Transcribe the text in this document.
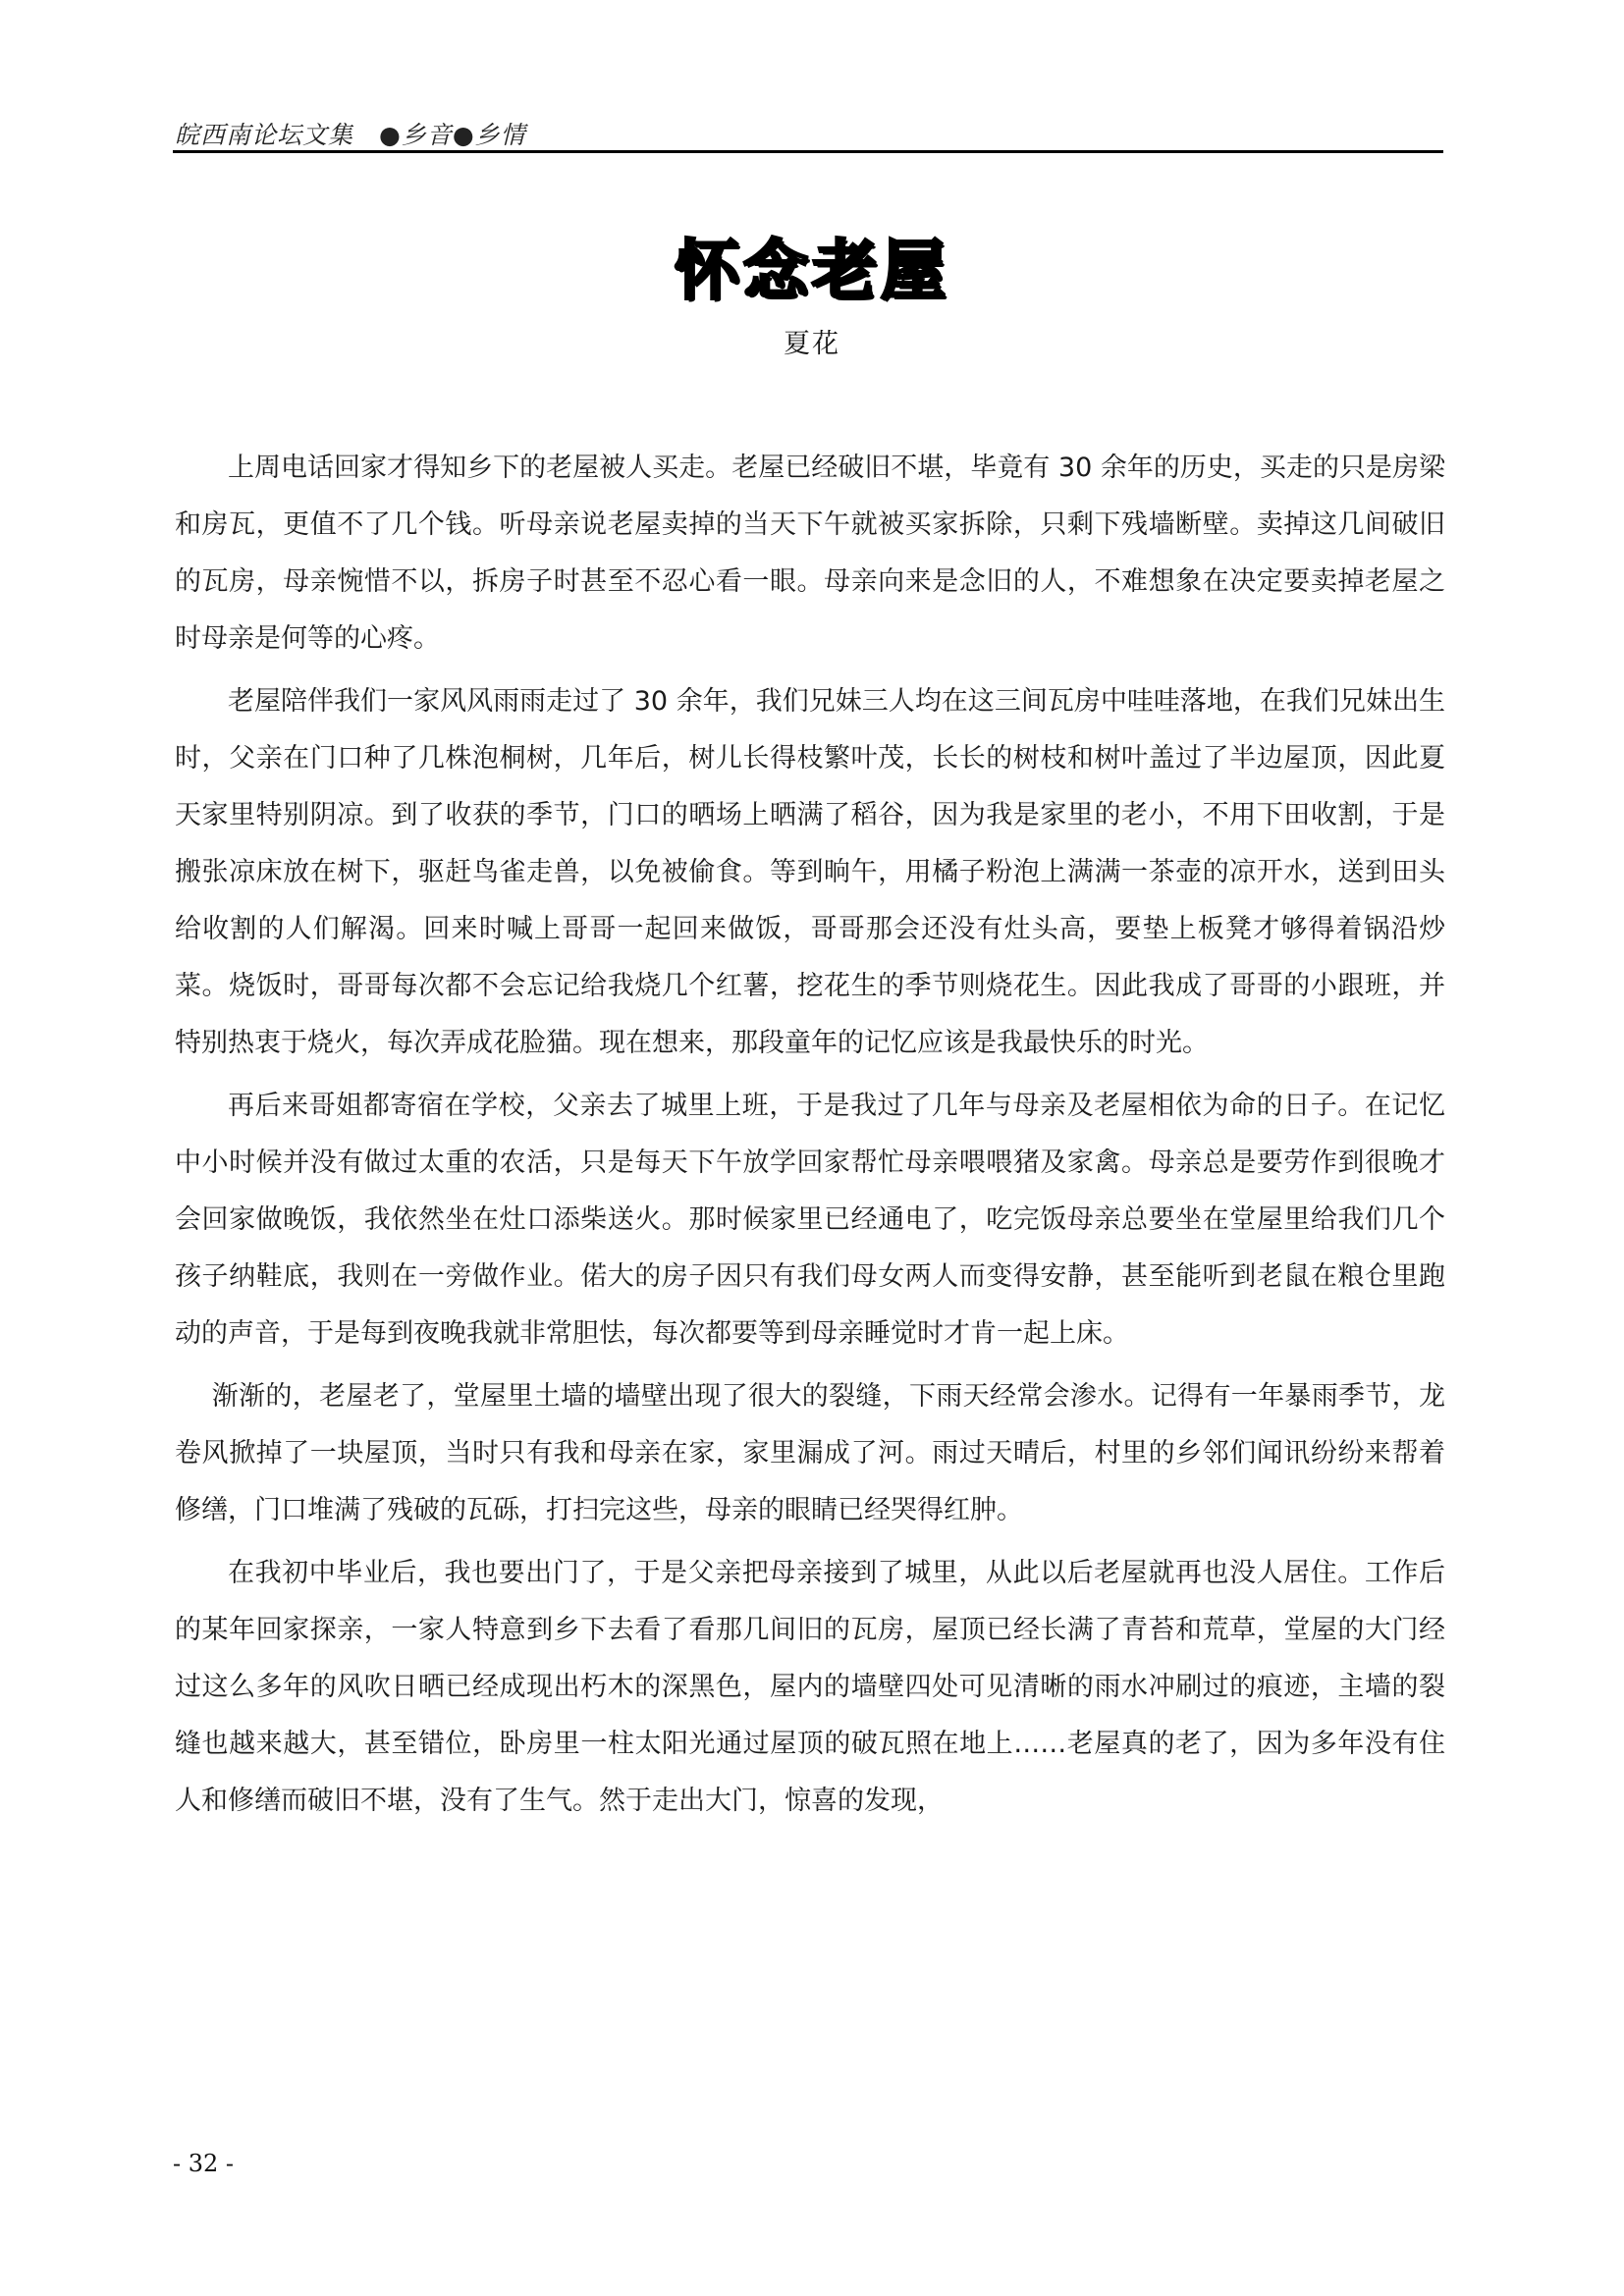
皖西南论坛文集　●乡音●乡情
怀念老屋
夏花

上周电话回家才得知乡下的老屋被人买走。老屋已经破旧不堪，毕竟有 30 余年的历史，买走的只是房梁和房瓦，更值不了几个钱。听母亲说老屋卖掉的当天下午就被买家拆除，只剩下残墙断壁。卖掉这几间破旧的瓦房，母亲惋惜不以，拆房子时甚至不忍心看一眼。母亲向来是念旧的人，不难想象在决定要卖掉老屋之时母亲是何等的心疼。

老屋陪伴我们一家风风雨雨走过了 30 余年，我们兄妹三人均在这三间瓦房中哇哇落地，在我们兄妹出生时，父亲在门口种了几株泡桐树，几年后，树儿长得枝繁叶茂，长长的树枝和树叶盖过了半边屋顶，因此夏天家里特别阴凉。到了收获的季节，门口的晒场上晒满了稻谷，因为我是家里的老小，不用下田收割，于是搬张凉床放在树下，驱赶鸟雀走兽，以免被偷食。等到晌午，用橘子粉泡上满满一茶壶的凉开水，送到田头给收割的人们解渴。回来时喊上哥哥一起回来做饭，哥哥那会还没有灶头高，要垫上板凳才够得着锅沿炒菜。烧饭时，哥哥每次都不会忘记给我烧几个红薯，挖花生的季节则烧花生。因此我成了哥哥的小跟班，并特别热衷于烧火，每次弄成花脸猫。现在想来，那段童年的记忆应该是我最快乐的时光。

再后来哥姐都寄宿在学校，父亲去了城里上班，于是我过了几年与母亲及老屋相依为命的日子。在记忆中小时候并没有做过太重的农活，只是每天下午放学回家帮忙母亲喂喂猪及家禽。母亲总是要劳作到很晚才会回家做晚饭，我依然坐在灶口添柴送火。那时候家里已经通电了，吃完饭母亲总要坐在堂屋里给我们几个孩子纳鞋底，我则在一旁做作业。偌大的房子因只有我们母女两人而变得安静，甚至能听到老鼠在粮仓里跑动的声音，于是每到夜晚我就非常胆怯，每次都要等到母亲睡觉时才肯一起上床。

渐渐的，老屋老了，堂屋里土墙的墙壁出现了很大的裂缝，下雨天经常会渗水。记得有一年暴雨季节，龙卷风掀掉了一块屋顶，当时只有我和母亲在家，家里漏成了河。雨过天晴后，村里的乡邻们闻讯纷纷来帮着修缮，门口堆满了残破的瓦砾，打扫完这些，母亲的眼睛已经哭得红肿。

在我初中毕业后，我也要出门了，于是父亲把母亲接到了城里，从此以后老屋就再也没人居住。工作后的某年回家探亲，一家人特意到乡下去看了看那几间旧的瓦房，屋顶已经长满了青苔和荒草，堂屋的大门经过这么多年的风吹日晒已经成现出朽木的深黑色，屋内的墙壁四处可见清晰的雨水冲刷过的痕迹，主墙的裂缝也越来越大，甚至错位，卧房里一柱太阳光通过屋顶的破瓦照在地上……老屋真的老了，因为多年没有住人和修缮而破旧不堪，没有了生气。然于走出大门，惊喜的发现，

- 32 -
